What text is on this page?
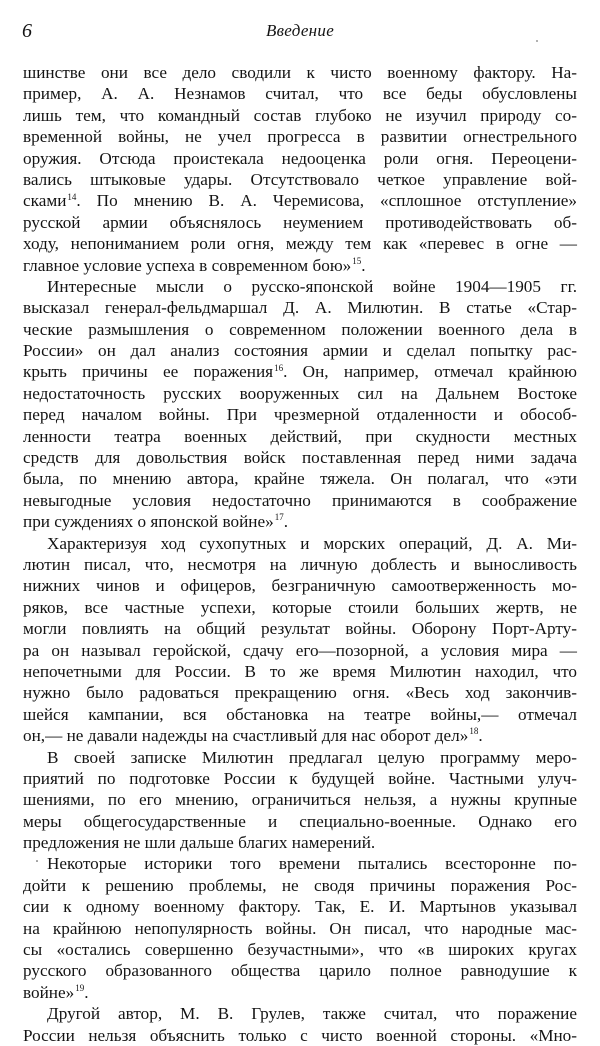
6	Введение
шинстве они все дело сводили к чисто военному фактору. На-
пример, А. А. Незнамов считал, что все беды обусловлены
лишь тем, что командный состав глубоко не изучил природу со-
временной войны, не учел прогресса в развитии огнестрельного
оружия. Отсюда проистекала недооценка роли огня. Переоцени-
вались штыковые удары. Отсутствовало четкое управление вой-
сками$^{14}$. По мнению В. А. Черемисова, «сплошное отступление»
русской армии объяснялось неумением противодействовать об-
ходу, непониманием роли огня, между тем как «перевес в огне —
главное условие успеха в современном бою»$^{15}$.
Интересные мысли о русско-японской войне 1904—1905 гг.
высказал генерал-фельдмаршал Д. А. Милютин. В статье «Стар-
ческие размышления о современном положении военного дела в
России» он дал анализ состояния армии и сделал попытку рас-
крыть причины ее поражения$^{16}$. Он, например, отмечал крайнюю
недостаточность русских вооруженных сил на Дальнем Востоке
перед началом войны. При чрезмерной отдаленности и обособ-
ленности театра военных действий, при скудности местных
средств для довольствия войск поставленная перед ними задача
была, по мнению автора, крайне тяжела. Он полагал, что «эти
невыгодные условия недостаточно принимаются в соображение
при суждениях о японской войне»$^{17}$.
Характеризуя ход сухопутных и морских операций, Д. А. Ми-
лютин писал, что, несмотря на личную доблесть и выносливость
нижних чинов и офицеров, безграничную самоотверженность мо-
ряков, все частные успехи, которые стоили больших жертв, не
могли повлиять на общий результат войны. Оборону Порт-Арту-
ра он называл геройской, сдачу его—позорной, а условия мира —
непочетными для России. В то же время Милютин находил, что
нужно было радоваться прекращению огня. «Весь ход закончив-
шейся кампании, вся обстановка на театре войны,— отмечал
он,— не давали надежды на счастливый для нас оборот дел»$^{18}$.
В своей записке Милютин предлагал целую программу меро-
приятий по подготовке России к будущей войне. Частными улуч-
шениями, по его мнению, ограничиться нельзя, а нужны крупные
меры общегосударственные и специально-военные. Однако его
предложения не шли дальше благих намерений.
Некоторые историки того времени пытались всесторонне по-
дойти к решению проблемы, не сводя причины поражения Рос-
сии к одному военному фактору. Так, Е. И. Мартынов указывал
на крайнюю непопулярность войны. Он писал, что народные мас-
сы «остались совершенно безучастными», что «в широких кругах
русского образованного общества царило полное равнодушие к
войне»$^{19}$.
Другой автор, М. В. Грулев, также считал, что поражение
России нельзя объяснить только с чисто военной стороны. «Мно-
